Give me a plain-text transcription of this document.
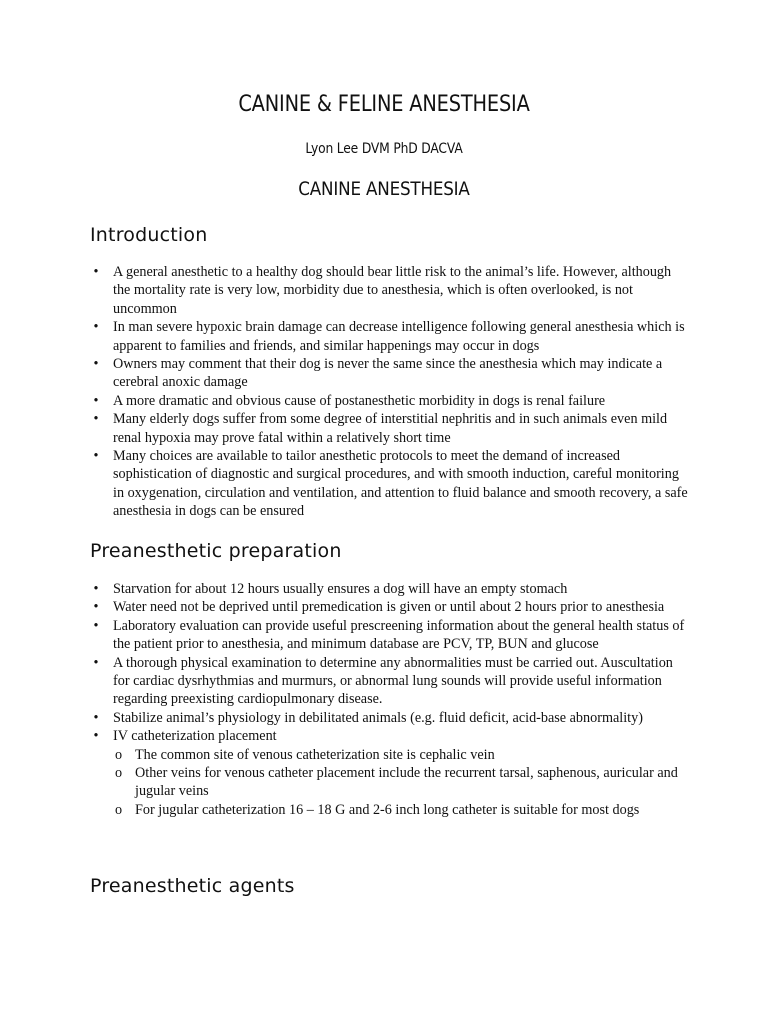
CANINE & FELINE ANESTHESIA
Lyon Lee DVM PhD DACVA
CANINE ANESTHESIA
Introduction
• A general anesthetic to a healthy dog should bear little risk to the animal’s life. However, although the mortality rate is very low, morbidity due to anesthesia, which is often overlooked, is not uncommon
• In man severe hypoxic brain damage can decrease intelligence following general anesthesia which is apparent to families and friends, and similar happenings may occur in dogs
• Owners may comment that their dog is never the same since the anesthesia which may indicate a cerebral anoxic damage
• A more dramatic and obvious cause of postanesthetic morbidity in dogs is renal failure
• Many elderly dogs suffer from some degree of interstitial nephritis and in such animals even mild renal hypoxia may prove fatal within a relatively short time
• Many choices are available to tailor anesthetic protocols to meet the demand of increased sophistication of diagnostic and surgical procedures, and with smooth induction, careful monitoring in oxygenation, circulation and ventilation, and attention to fluid balance and smooth recovery, a safe anesthesia in dogs can be ensured
Preanesthetic preparation
• Starvation for about 12 hours usually ensures a dog will have an empty stomach
• Water need not be deprived until premedication is given or until about 2 hours prior to anesthesia
• Laboratory evaluation can provide useful prescreening information about the general health status of the patient prior to anesthesia, and minimum database are PCV, TP, BUN and glucose
• A thorough physical examination to determine any abnormalities must be carried out. Auscultation for cardiac dysrhythmias and murmurs, or abnormal lung sounds will provide useful information regarding preexisting cardiopulmonary disease.
• Stabilize animal’s physiology in debilitated animals (e.g. fluid deficit, acid-base abnormality)
• IV catheterization placement
o The common site of venous catheterization site is cephalic vein
o Other veins for venous catheter placement include the recurrent tarsal, saphenous, auricular and jugular veins
o For jugular catheterization 16 – 18 G and 2-6 inch long catheter is suitable for most dogs
Preanesthetic agents
